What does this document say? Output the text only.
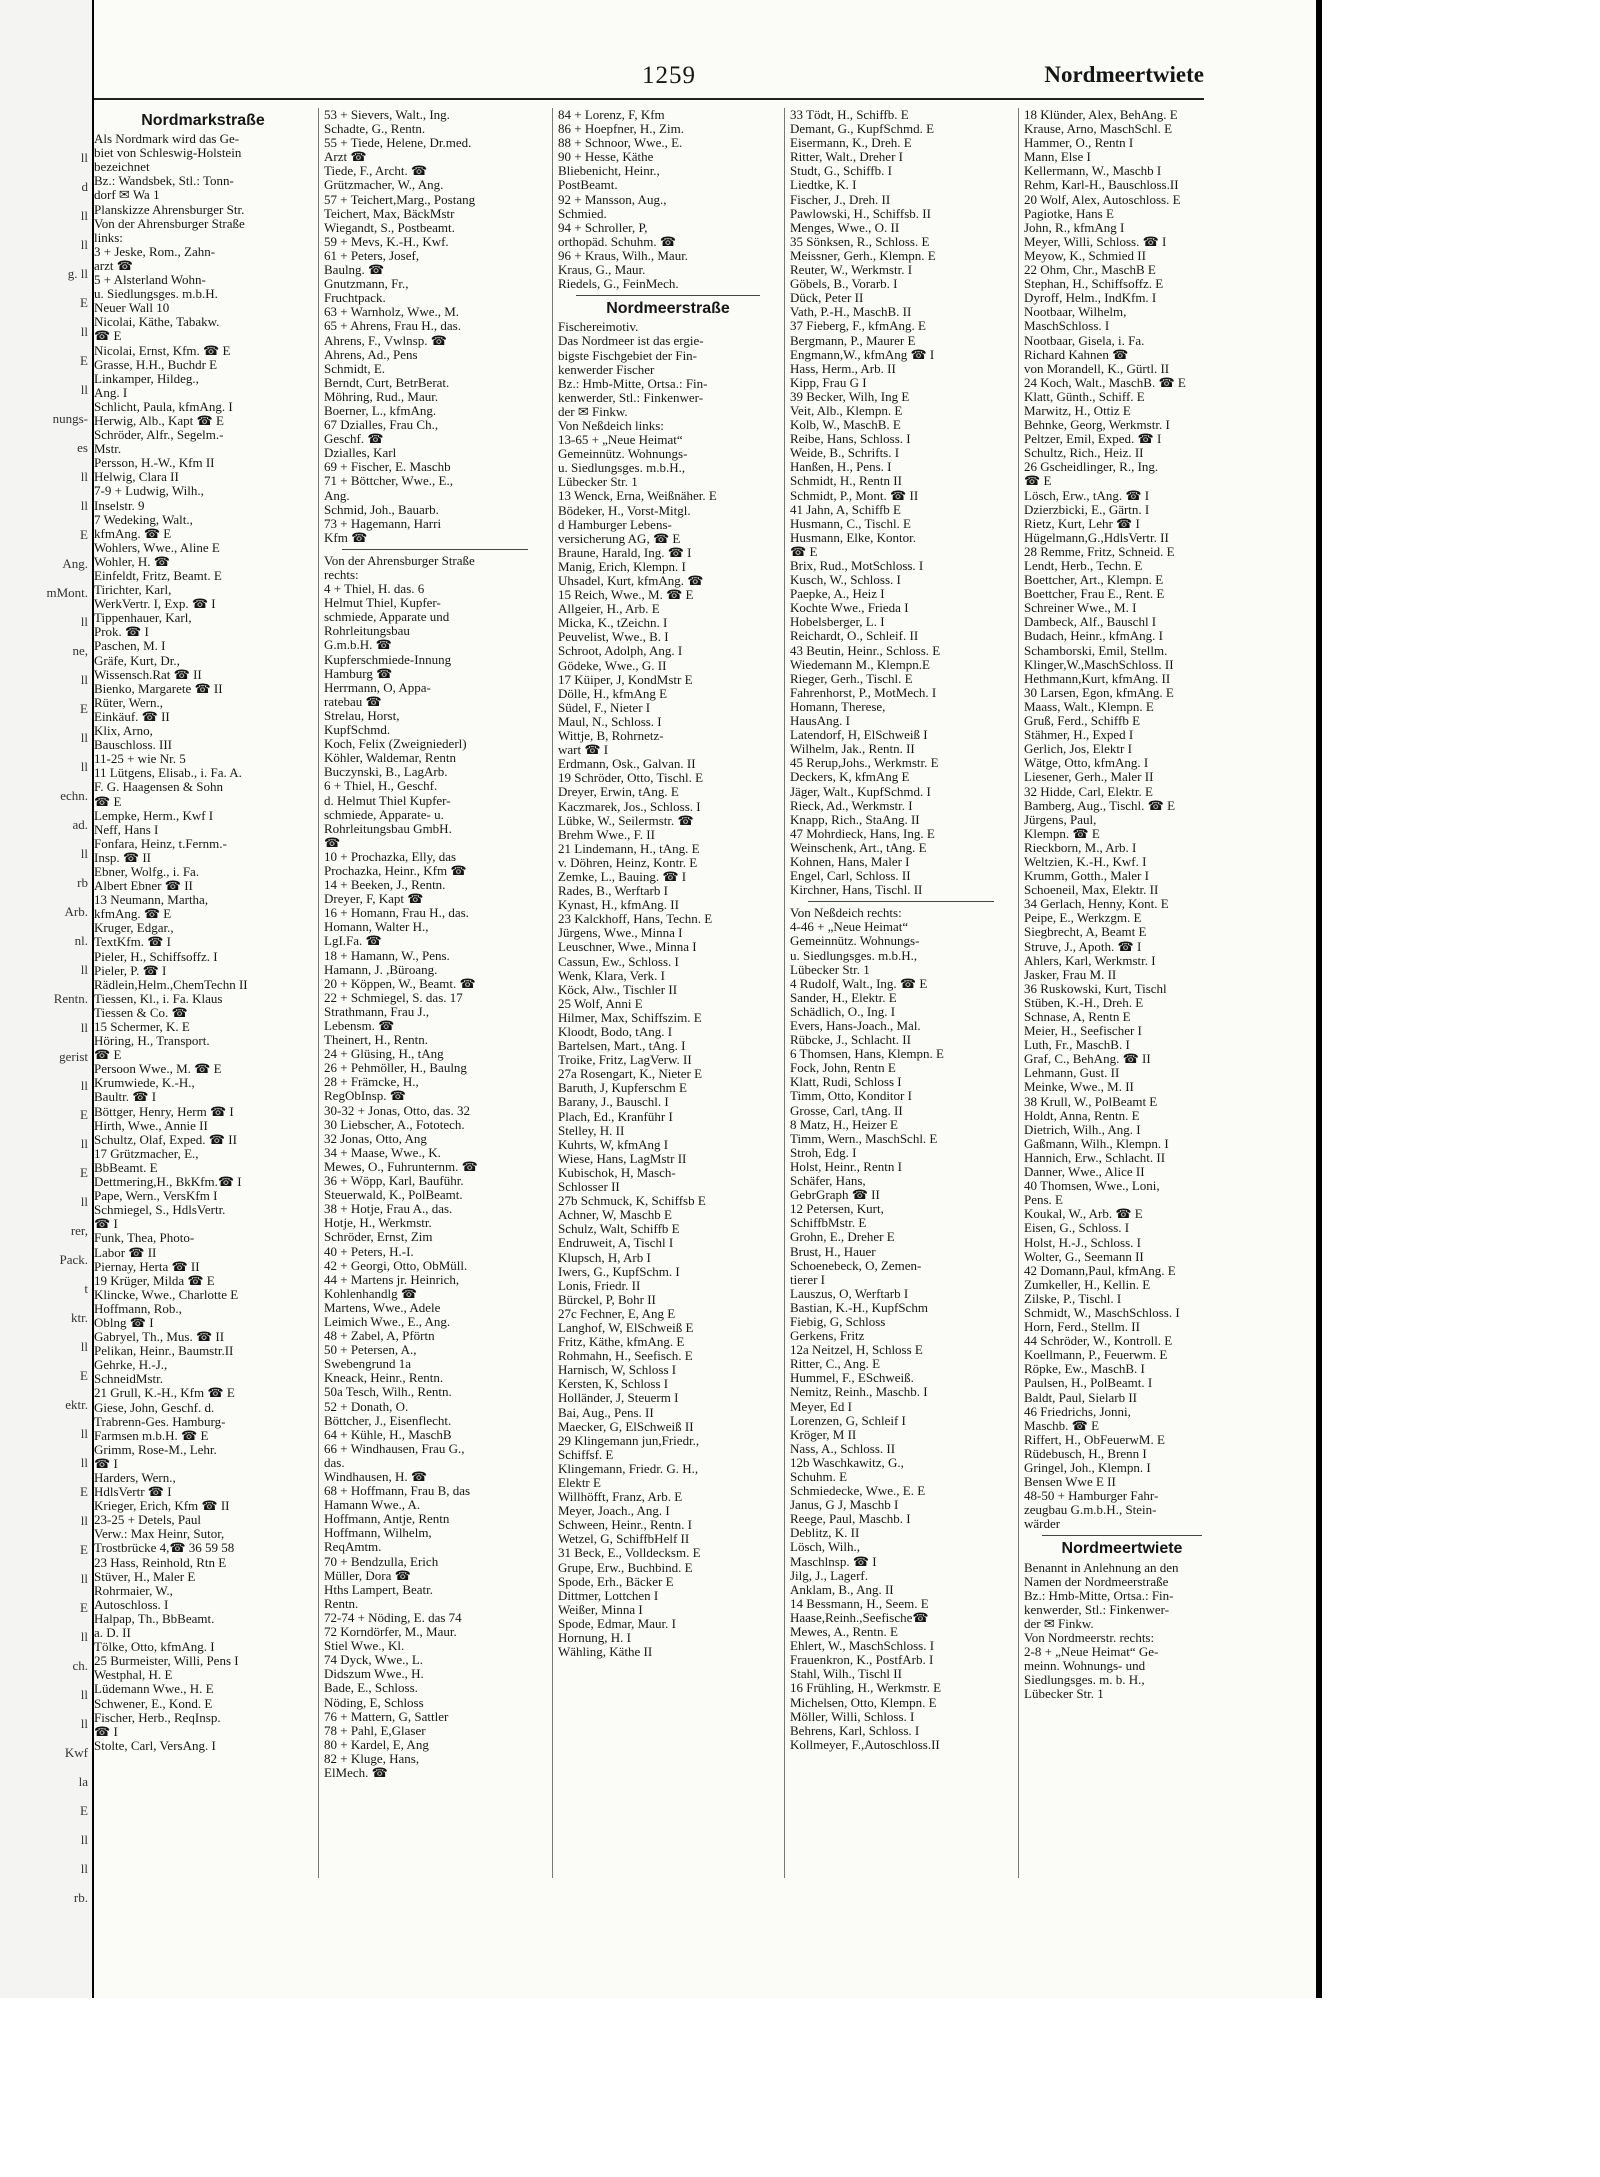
ll
d
ll
ll
g. ll
E
ll
E
ll
nungs-
es
ll
ll
E
Ang.
mMont.
ll
ne,
ll
E
ll
ll
echn.
ad.
ll
rb
Arb.
nl.
ll
Rentn.
ll
gerist
ll
E
ll
E
ll
rer,
Pack.
t
ktr.
ll
E
ektr.
ll
ll
E
ll
E
ll
E
ll
ch.
ll
ll
Kwf
la
E
ll
ll
rb.
1259	Nordmeertwiete
Nordmarkstraße
Als Nordmark wird das Ge-
biet von Schleswig-Holstein
bezeichnet
Bz.: Wandsbek, Stl.: Tonn-
dorf ✉ Wa 1
Planskizze Ahrensburger Str.
Von der Ahrensburger Straße
links:
3 + Jeske, Rom., Zahn-
arzt ☎
5 + Alsterland Wohn-
u. Siedlungsges. m.b.H.
Neuer Wall 10
Nicolai, Käthe, Tabakw.
☎ E
Nicolai, Ernst, Kfm. ☎ E
Grasse, H.H., Buchdr E
Linkamper, Hildeg.,
Ang. I
Schlicht, Paula, kfmAng. I
Herwig, Alb., Kapt ☎ E
Schröder, Alfr., Segelm.-
Mstr.
Persson, H.-W., Kfm II
Helwig, Clara II
7-9 + Ludwig, Wilh.,
Inselstr. 9
7 Wedeking, Walt.,
kfmAng. ☎ E
Wohlers, Wwe., Aline E
Wohler, H. ☎
Einfeldt, Fritz, Beamt. E
Tirichter, Karl,
WerkVertr. I, Exp. ☎ I
Tippenhauer, Karl,
Prok. ☎ I
Paschen, M. I
Gräfe, Kurt, Dr.,
Wissensch.Rat ☎ II
Bienko, Margarete ☎ II
Rüter, Wern.,
Einkäuf. ☎ II
Klix, Arno,
Bauschloss. III
11-25 + wie Nr. 5
11 Lütgens, Elisab., i. Fa. A.
F. G. Haagensen & Sohn
☎ E
Lempke, Herm., Kwf I
Neff, Hans I
Fonfara, Heinz, t.Fernm.-
Insp. ☎ II
Ebner, Wolfg., i. Fa.
Albert Ebner ☎ II
13 Neumann, Martha,
kfmAng. ☎ E
Kruger, Edgar.,
TextKfm. ☎ I
Pieler, H., Schiffsoffz. I
Pieler, P. ☎ I
Rädlein,Helm.,ChemTechn II
Tiessen, Kl., i. Fa. Klaus
Tiessen & Co. ☎
15 Schermer, K. E
Höring, H., Transport.
☎ E
Persoon Wwe., M. ☎ E
Krumwiede, K.-H.,
Baultr. ☎ I
Böttger, Henry, Herm ☎ I
Hirth, Wwe., Annie II
Schultz, Olaf, Exped. ☎ II
17 Grützmacher, E.,
BbBeamt. E
Dettmering,H., BkKfm.☎ I
Pape, Wern., VersKfm I
Schmiegel, S., HdlsVertr.
☎ I
Funk, Thea, Photo-
Labor ☎ II
Piernay, Herta ☎ II
19 Krüger, Milda ☎ E
Klincke, Wwe., Charlotte E
Hoffmann, Rob.,
Oblng ☎ I
Gabryel, Th., Mus. ☎ II
Pelikan, Heinr., Baumstr.II
Gehrke, H.-J.,
SchneidMstr.
21 Grull, K.-H., Kfm ☎ E
Giese, John, Geschf. d.
Trabrenn-Ges. Hamburg-
Farmsen m.b.H. ☎ E
Grimm, Rose-M., Lehr.
☎ I
Harders, Wern.,
HdlsVertr ☎ I
Krieger, Erich, Kfm ☎ II
23-25 + Detels, Paul
Verw.: Max Heinr, Sutor,
Trostbrücke 4,☎ 36 59 58
23 Hass, Reinhold, Rtn E
Stüver, H., Maler E
Rohrmaier, W.,
Autoschloss. I
Halpap, Th., BbBeamt.
a. D. II
Tölke, Otto, kfmAng. I
25 Burmeister, Willi, Pens I
Westphal, H. E
Lüdemann Wwe., H. E
Schwener, E., Kond. E
Fischer, Herb., ReqInsp.
☎ I
Stolte, Carl, VersAng. I
53 + Sievers, Walt., Ing.
Schadte, G., Rentn.
55 + Tiede, Helene, Dr.med.
Arzt ☎
Tiede, F., Archt. ☎
Grützmacher, W., Ang.
57 + Teichert,Marg., Postang
Teichert, Max, BäckMstr
Wiegandt, S., Postbeamt.
59 + Mevs, K.-H., Kwf.
61 + Peters, Josef,
Baulng. ☎
Gnutzmann, Fr.,
Fruchtpack.
63 + Warnholz, Wwe., M.
65 + Ahrens, Frau H., das.
Ahrens, F., Vwlnsp. ☎
Ahrens, Ad., Pens
Schmidt, E.
Berndt, Curt, BetrBerat.
Möhring, Rud., Maur.
Boerner, L., kfmAng.
67 Dzialles, Frau Ch.,
Geschf. ☎
Dzialles, Karl
69 + Fischer, E. Maschb
71 + Böttcher, Wwe., E.,
Ang.
Schmid, Joh., Bauarb.
73 + Hagemann, Harri
Kfm ☎
Von der Ahrensburger Straße
rechts:
4 + Thiel, H. das. 6
Helmut Thiel, Kupfer-
schmiede, Apparate und
Rohrleitungsbau
G.m.b.H. ☎
Kupferschmiede-Innung
Hamburg ☎
Herrmann, O, Appa-
ratebau ☎
Strelau, Horst,
KupfSchmd.
Koch, Felix (Zweigniederl)
Köhler, Waldemar, Rentn
Buczynski, B., LagArb.
6 + Thiel, H., Geschf.
d. Helmut Thiel Kupfer-
schmiede, Apparate- u.
Rohrleitungsbau GmbH.
☎
10 + Prochazka, Elly, das
Prochazka, Heinr., Kfm ☎
14 + Beeken, J., Rentn.
Dreyer, F, Kapt ☎
16 + Homann, Frau H., das.
Homann, Walter H.,
LgI.Fa. ☎
18 + Hamann, W., Pens.
Hamann, J. ,Büroang.
20 + Köppen, W., Beamt. ☎
22 + Schmiegel, S. das. 17
Strathmann, Frau J.,
Lebensm. ☎
Theinert, H., Rentn.
24 + Glüsing, H., tAng
26 + Pehmöller, H., Baulng
28 + Främcke, H.,
RegObInsp. ☎
30-32 + Jonas, Otto, das. 32
30 Liebscher, A., Fototech.
32 Jonas, Otto, Ang
34 + Maase, Wwe., K.
Mewes, O., Fuhrunternm. ☎
36 + Wöpp, Karl, Bauführ.
Steuerwald, K., PolBeamt.
38 + Hotje, Frau A., das.
Hotje, H., Werkmstr.
Schröder, Ernst, Zim
40 + Peters, H.-I.
42 + Georgi, Otto, ObMüll.
44 + Martens jr. Heinrich,
Kohlenhandlg ☎
Martens, Wwe., Adele
Leimich Wwe., E., Ang.
48 + Zabel, A, Pförtn
50 + Petersen, A.,
Swebengrund 1a
Kneack, Heinr., Rentn.
50a Tesch, Wilh., Rentn.
52 + Donath, O.
Böttcher, J., Eisenflecht.
64 + Kühle, H., MaschB
66 + Windhausen, Frau G.,
das.
Windhausen, H. ☎
68 + Hoffmann, Frau B, das
Hamann Wwe., A.
Hoffmann, Antje, Rentn
Hoffmann, Wilhelm,
ReqAmtm.
70 + Bendzulla, Erich
Müller, Dora ☎
Hths Lampert, Beatr.
Rentn.
72-74 + Nöding, E. das 74
72 Korndörfer, M., Maur.
Stiel Wwe., Kl.
74 Dyck, Wwe., L.
Didszum Wwe., H.
Bade, E., Schloss.
Nöding, E, Schloss
76 + Mattern, G, Sattler
78 + Pahl, E,Glaser
80 + Kardel, E, Ang
82 + Kluge, Hans,
ElMech. ☎
84 + Lorenz, F, Kfm
86 + Hoepfner, H., Zim.
88 + Schnoor, Wwe., E.
90 + Hesse, Käthe
Bliebenicht, Heinr.,
PostBeamt.
92 + Mansson, Aug.,
Schmied.
94 + Schroller, P,
orthopäd. Schuhm. ☎
96 + Kraus, Wilh., Maur.
Kraus, G., Maur.
Riedels, G., FeinMech.
Nordmeerstraße
Fischereimotiv.
Das Nordmeer ist das ergie-
bigste Fischgebiet der Fin-
kenwerder Fischer
Bz.: Hmb-Mitte, Ortsa.: Fin-
kenwerder, Stl.: Finkenwer-
der ✉ Finkw.
Von Neßdeich links:
13-65 + „Neue Heimat“
Gemeinnütz. Wohnungs-
u. Siedlungsges. m.b.H.,
Lübecker Str. 1
13 Wenck, Erna, Weißnäher. E
Bödeker, H., Vorst-Mitgl.
d Hamburger Lebens-
versicherung AG, ☎ E
Braune, Harald, Ing. ☎ I
Manig, Erich, Klempn. I
Uhsadel, Kurt, kfmAng. ☎
15 Reich, Wwe., M. ☎ E
Allgeier, H., Arb. E
Micka, K., tZeichn. I
Peuvelist, Wwe., B. I
Schroot, Adolph, Ang. I
Gödeke, Wwe., G. II
17 Küiper, J, KondMstr E
Dölle, H., kfmAng E
Südel, F., Nieter I
Maul, N., Schloss. I
Wittje, B, Rohrnetz-
wart ☎ I
Erdmann, Osk., Galvan. II
19 Schröder, Otto, Tischl. E
Dreyer, Erwin, tAng. E
Kaczmarek, Jos., Schloss. I
Lübke, W., Seilermstr. ☎
Brehm Wwe., F. II
21 Lindemann, H., tAng. E
v. Döhren, Heinz, Kontr. E
Zemke, L., Bauing. ☎ I
Rades, B., Werftarb I
Kynast, H., kfmAng. II
23 Kalckhoff, Hans, Techn. E
Jürgens, Wwe., Minna I
Leuschner, Wwe., Minna I
Cassun, Ew., Schloss. I
Wenk, Klara, Verk. I
Köck, Alw., Tischler II
25 Wolf, Anni E
Hilmer, Max, Schiffszim. E
Kloodt, Bodo, tAng. I
Bartelsen, Mart., tAng. I
Troike, Fritz, LagVerw. II
27a Rosengart, K., Nieter E
Baruth, J, Kupferschm E
Barany, J., Bauschl. I
Plach, Ed., Kranführ I
Stelley, H. II
Kuhrts, W, kfmAng I
Wiese, Hans, LagMstr II
Kubischok, H, Masch-
Schlosser II
27b Schmuck, K, Schiffsb E
Achner, W, Maschb E
Schulz, Walt, Schiffb E
Endruweit, A, Tischl I
Klupsch, H, Arb I
Iwers, G., KupfSchm. I
Lonis, Friedr. II
Bürckel, P, Bohr II
27c Fechner, E, Ang E
Langhof, W, ElSchweiß E
Fritz, Käthe, kfmAng. E
Rohmahn, H., Seefisch. E
Harnisch, W, Schloss I
Kersten, K, Schloss I
Holländer, J, Steuerm I
Bai, Aug., Pens. II
Maecker, G, ElSchweiß II
29 Klingemann jun,Friedr.,
Schiffsf. E
Klingemann, Friedr. G. H.,
Elektr E
Willhöfft, Franz, Arb. E
Meyer, Joach., Ang. I
Schween, Heinr., Rentn. I
Wetzel, G, SchiffbHelf II
31 Beck, E., Volldecksm. E
Grupe, Erw., Buchbind. E
Spode, Erh., Bäcker E
Dittmer, Lottchen I
Weißer, Minna I
Spode, Edmar, Maur. I
Hornung, H. I
Wähling, Käthe II
33 Tödt, H., Schiffb. E
Demant, G., KupfSchmd. E
Eisermann, K., Dreh. E
Ritter, Walt., Dreher I
Studt, G., Schiffb. I
Liedtke, K. I
Fischer, J., Dreh. II
Pawlowski, H., Schiffsb. II
Menges, Wwe., O. II
35 Sönksen, R., Schloss. E
Meissner, Gerh., Klempn. E
Reuter, W., Werkmstr. I
Göbels, B., Vorarb. I
Dück, Peter II
Vath, P.-H., MaschB. II
37 Fieberg, F., kfmAng. E
Bergmann, P., Maurer E
Engmann,W., kfmAng ☎ I
Hass, Herm., Arb. II
Kipp, Frau G I
39 Becker, Wilh, Ing E
Veit, Alb., Klempn. E
Kolb, W., MaschB. E
Reibe, Hans, Schloss. I
Weide, B., Schrifts. I
Hanßen, H., Pens. I
Schmidt, H., Rentn II
Schmidt, P., Mont. ☎ II
41 Jahn, A, Schiffb E
Husmann, C., Tischl. E
Husmann, Elke, Kontor.
☎ E
Brix, Rud., MotSchloss. I
Kusch, W., Schloss. I
Paepke, A., Heiz I
Kochte Wwe., Frieda I
Hobelsberger, L. I
Reichardt, O., Schleif. II
43 Beutin, Heinr., Schloss. E
Wiedemann M., Klempn.E
Rieger, Gerh., Tischl. E
Fahrenhorst, P., MotMech. I
Homann, Therese,
HausAng. I
Latendorf, H, ElSchweiß I
Wilhelm, Jak., Rentn. II
45 Rerup,Johs., Werkmstr. E
Deckers, K, kfmAng E
Jäger, Walt., KupfSchmd. I
Rieck, Ad., Werkmstr. I
Knapp, Rich., StaAng. II
47 Mohrdieck, Hans, Ing. E
Weinschenk, Art., tAng. E
Kohnen, Hans, Maler I
Engel, Carl, Schloss. II
Kirchner, Hans, Tischl. II
Von Neßdeich rechts:
4-46 + „Neue Heimat“
Gemeinnütz. Wohnungs-
u. Siedlungsges. m.b.H.,
Lübecker Str. 1
4 Rudolf, Walt., Ing. ☎ E
Sander, H., Elektr. E
Schädlich, O., Ing. I
Evers, Hans-Joach., Mal.
Rübcke, J., Schlacht. II
6 Thomsen, Hans, Klempn. E
Fock, John, Rentn E
Klatt, Rudi, Schloss I
Timm, Otto, Konditor I
Grosse, Carl, tAng. II
8 Matz, H., Heizer E
Timm, Wern., MaschSchl. E
Stroh, Edg. I
Holst, Heinr., Rentn I
Schäfer, Hans,
GebrGraph ☎ II
12 Petersen, Kurt,
SchiffbMstr. E
Grohn, E., Dreher E
Brust, H., Hauer
Schoenebeck, O, Zemen-
tierer I
Lauszus, O, Werftarb I
Bastian, K.-H., KupfSchm
Fiebig, G, Schloss
Gerkens, Fritz
12a Neitzel, H, Schloss E
Ritter, C., Ang. E
Hummel, F., ESchweiß.
Nemitz, Reinh., Maschb. I
Meyer, Ed I
Lorenzen, G, Schleif I
Kröger, M II
Nass, A., Schloss. II
12b Waschkawitz, G.,
Schuhm. E
Schmiedecke, Wwe., E. E
Janus, G J, Maschb I
Reege, Paul, Maschb. I
Deblitz, K. II
Lösch, Wilh.,
Maschlnsp. ☎ I
Jilg, J., Lagerf.
Anklam, B., Ang. II
14 Bessmann, H., Seem. E
Haase,Reinh.,Seefische☎
Mewes, A., Rentn. E
Ehlert, W., MaschSchloss. I
Frauenkron, K., PostfArb. I
Stahl, Wilh., Tischl II
16 Frühling, H., Werkmstr. E
Michelsen, Otto, Klempn. E
Möller, Willi, Schloss. I
Behrens, Karl, Schloss. I
Kollmeyer, F.,Autoschloss.II
18 Klünder, Alex, BehAng. E
Krause, Arno, MaschSchl. E
Hammer, O., Rentn I
Mann, Else I
Kellermann, W., Maschb I
Rehm, Karl-H., Bauschloss.II
20 Wolf, Alex, Autoschloss. E
Pagiotke, Hans E
John, R., kfmAng I
Meyer, Willi, Schloss. ☎ I
Meyow, K., Schmied II
22 Ohm, Chr., MaschB E
Stephan, H., Schiffsoffz. E
Dyroff, Helm., IndKfm. I
Nootbaar, Wilhelm,
MaschSchloss. I
Nootbaar, Gisela, i. Fa.
Richard Kahnen ☎
von Morandell, K., Gürtl. II
24 Koch, Walt., MaschB. ☎ E
Klatt, Günth., Schiff. E
Marwitz, H., Ottiz E
Behnke, Georg, Werkmstr. I
Peltzer, Emil, Exped. ☎ I
Schultz, Rich., Heiz. II
26 Gscheidlinger, R., Ing.
☎ E
Lösch, Erw., tAng. ☎ I
Dzierzbicki, E., Gärtn. I
Rietz, Kurt, Lehr ☎ I
Hügelmann,G.,HdlsVertr. II
28 Remme, Fritz, Schneid. E
Lendt, Herb., Techn. E
Boettcher, Art., Klempn. E
Boettcher, Frau E., Rent. E
Schreiner Wwe., M. I
Dambeck, Alf., Bauschl I
Budach, Heinr., kfmAng. I
Schamborski, Emil, Stellm.
Klinger,W.,MaschSchloss. II
Hethmann,Kurt, kfmAng. II
30 Larsen, Egon, kfmAng. E
Maass, Walt., Klempn. E
Gruß, Ferd., Schiffb E
Stähmer, H., Exped I
Gerlich, Jos, Elektr I
Wätge, Otto, kfmAng. I
Liesener, Gerh., Maler II
32 Hidde, Carl, Elektr. E
Bamberg, Aug., Tischl. ☎ E
Jürgens, Paul,
Klempn. ☎ E
Rieckborn, M., Arb. I
Weltzien, K.-H., Kwf. I
Krumm, Gotth., Maler I
Schoeneil, Max, Elektr. II
34 Gerlach, Henny, Kont. E
Peipe, E., Werkzgm. E
Siegbrecht, A, Beamt E
Struve, J., Apoth. ☎ I
Ahlers, Karl, Werkmstr. I
Jasker, Frau M. II
36 Ruskowski, Kurt, Tischl
Stüben, K.-H., Dreh. E
Schnase, A, Rentn E
Meier, H., Seefischer I
Luth, Fr., MaschB. I
Graf, C., BehAng. ☎ II
Lehmann, Gust. II
Meinke, Wwe., M. II
38 Krull, W., PolBeamt E
Holdt, Anna, Rentn. E
Dietrich, Wilh., Ang. I
Gaßmann, Wilh., Klempn. I
Hannich, Erw., Schlacht. II
Danner, Wwe., Alice II
40 Thomsen, Wwe., Loni,
Pens. E
Koukal, W., Arb. ☎ E
Eisen, G., Schloss. I
Holst, H.-J., Schloss. I
Wolter, G., Seemann II
42 Domann,Paul, kfmAng. E
Zumkeller, H., Kellin. E
Zilske, P., Tischl. I
Schmidt, W., MaschSchloss. I
Horn, Ferd., Stellm. II
44 Schröder, W., Kontroll. E
Koellmann, P., Feuerwm. E
Röpke, Ew., MaschB. I
Paulsen, H., PolBeamt. I
Baldt, Paul, Sielarb II
46 Friedrichs, Jonni,
Maschb. ☎ E
Riffert, H., ObFeuerwM. E
Rüdebusch, H., Brenn I
Gringel, Joh., Klempn. I
Bensen Wwe E II
48-50 + Hamburger Fahr-
zeugbau G.m.b.H., Stein-
wärder
Nordmeertwiete
Benannt in Anlehnung an den
Namen der Nordmeerstraße
Bz.: Hmb-Mitte, Ortsa.: Fin-
kenwerder, Stl.: Finkenwer-
der ✉ Finkw.
Von Nordmeerstr. rechts:
2-8 + „Neue Heimat“ Ge-
meinn. Wohnungs- und
Siedlungsges. m. b. H.,
Lübecker Str. 1
